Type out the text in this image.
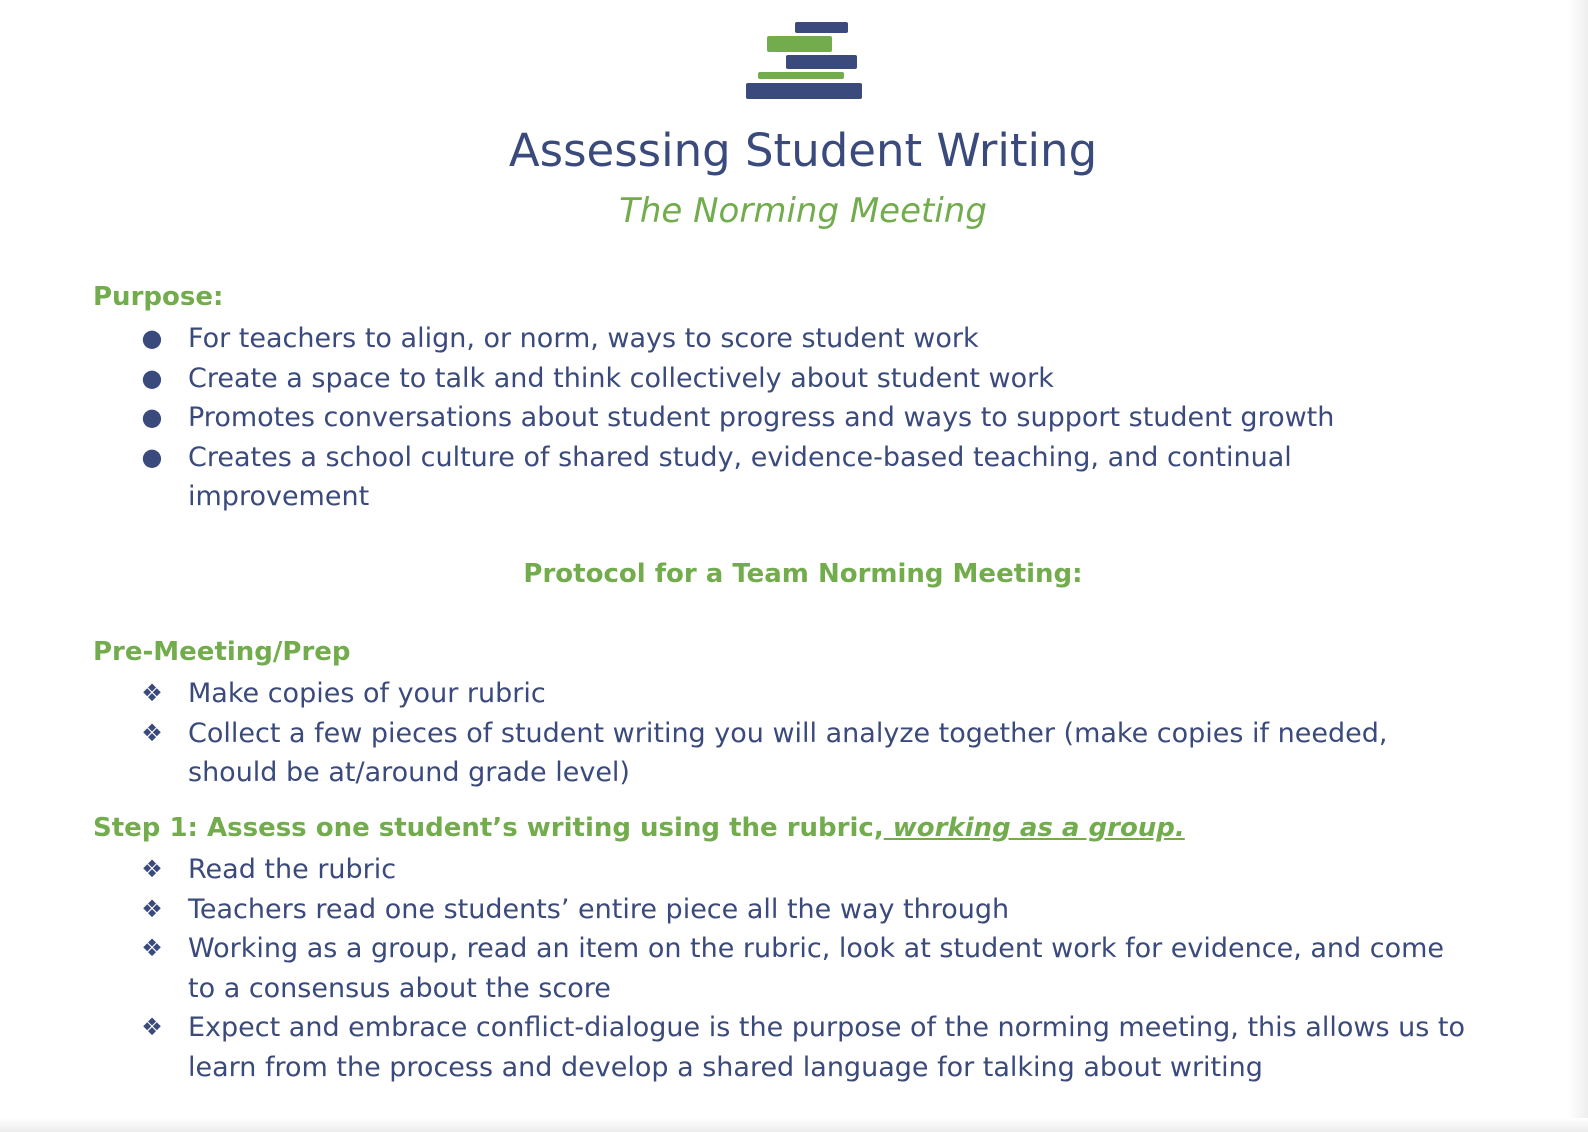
Assessing Student Writing
The Norming Meeting
Purpose:
● For teachers to align, or norm, ways to score student work
● Create a space to talk and think collectively about student work
● Promotes conversations about student progress and ways to support student growth
● Creates a school culture of shared study, evidence-based teaching, and continual improvement
Protocol for a Team Norming Meeting:
Pre-Meeting/Prep
❖ Make copies of your rubric
❖ Collect a few pieces of student writing you will analyze together (make copies if needed, should be at/around grade level)
Step 1: Assess one student’s writing using the rubric, working as a group.
❖ Read the rubric
❖ Teachers read one students’ entire piece all the way through
❖ Working as a group, read an item on the rubric, look at student work for evidence, and come to a consensus about the score
❖ Expect and embrace conflict-dialogue is the purpose of the norming meeting, this allows us to learn from the process and develop a shared language for talking about writing
